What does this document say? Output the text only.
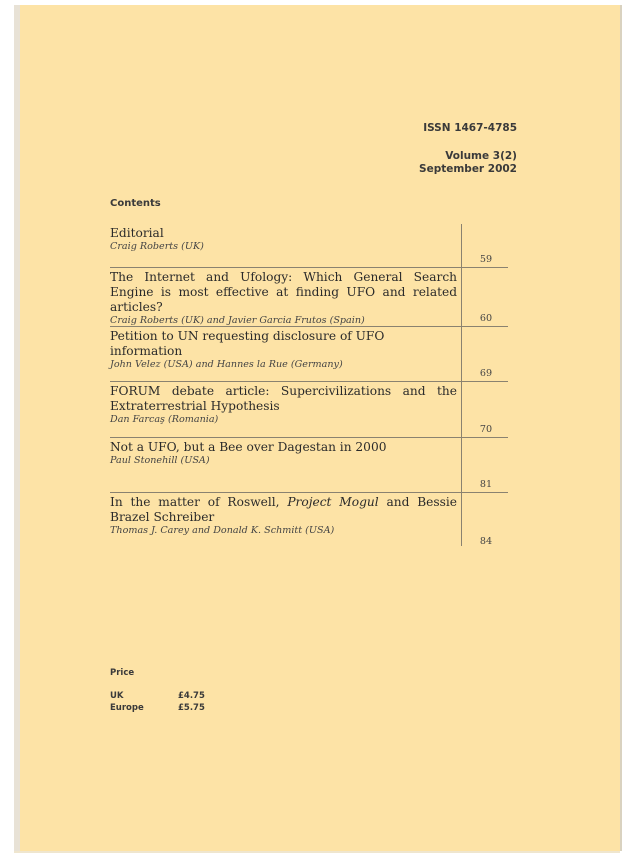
ISSN 1467-4785
Volume 3(2)
September 2002
Contents
Editorial
Craig Roberts (UK)
59
The Internet and Ufology: Which General Search Engine is most effective at finding UFO and related articles?
Craig Roberts (UK) and Javier Garcia Frutos (Spain)	60
Petition to UN requesting disclosure of UFO information
John Velez (USA) and Hannes la Rue (Germany)
69
FORUM debate article: Supercivilizations and the Extraterrestrial Hypothesis
Dan Farcaş (Romania)
70
Not a UFO, but a Bee over Dagestan in 2000
Paul Stonehill (USA)
81
In the matter of Roswell, Project Mogul and Bessie Brazel Schreiber
Thomas J. Carey and Donald K. Schmitt (USA)
84
Price
UK	£4.75
Europe	£5.75
